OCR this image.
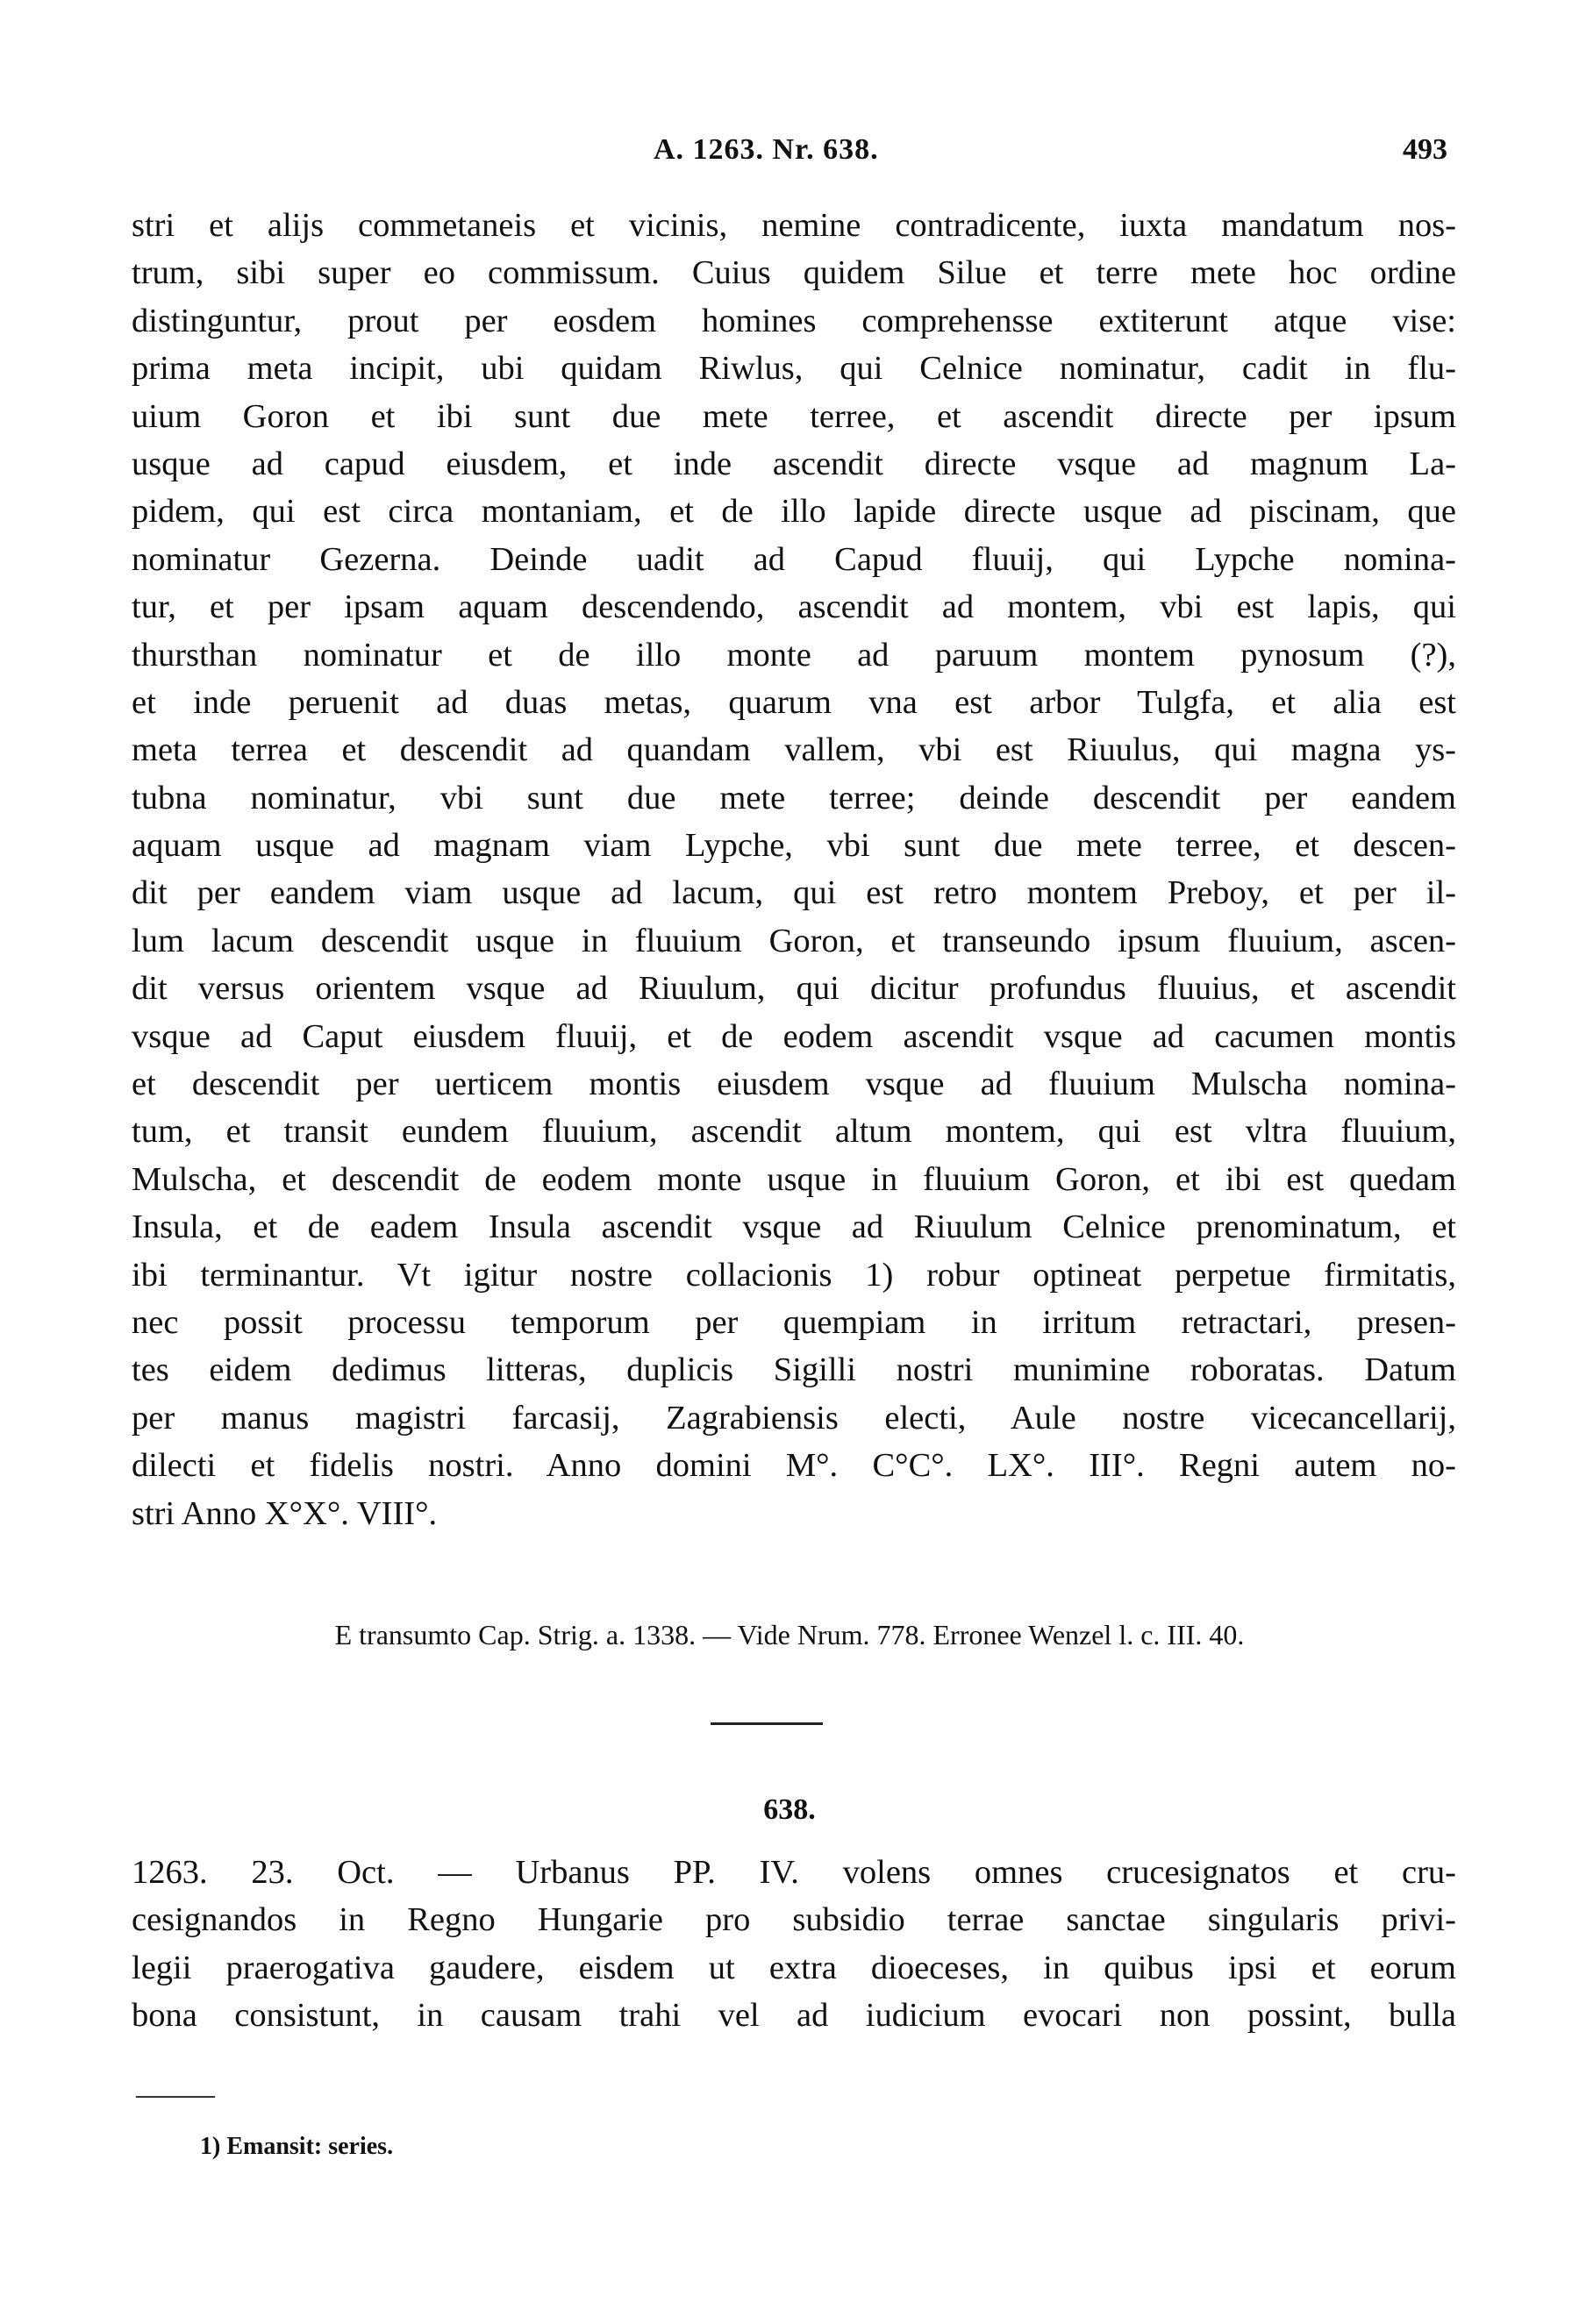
A. 1263. Nr. 638.	493
stri et alijs commetaneis et vicinis, nemine contradicente, iuxta mandatum nos-
trum, sibi super eo commissum. Cuius quidem Silue et terre mete hoc ordine
distinguntur, prout per eosdem homines comprehensse extiterunt atque vise:
prima meta incipit, ubi quidam Riwlus, qui Celnice nominatur, cadit in flu-
uium Goron et ibi sunt due mete terree, et ascendit directe per ipsum
usque ad capud eiusdem, et inde ascendit directe vsque ad magnum La-
pidem, qui est circa montaniam, et de illo lapide directe usque ad piscinam, que
nominatur Gezerna. Deinde uadit ad Capud fluuij, qui Lypche nomina-
tur, et per ipsam aquam descendendo, ascendit ad montem, vbi est lapis, qui
thursthan nominatur et de illo monte ad paruum montem pynosum (?),
et inde peruenit ad duas metas, quarum vna est arbor Tulgfa, et alia est
meta terrea et descendit ad quandam vallem, vbi est Riuulus, qui magna ys-
tubna nominatur, vbi sunt due mete terree; deinde descendit per eandem
aquam usque ad magnam viam Lypche, vbi sunt due mete terree, et descen-
dit per eandem viam usque ad lacum, qui est retro montem Preboy, et per il-
lum lacum descendit usque in fluuium Goron, et transeundo ipsum fluuium, ascen-
dit versus orientem vsque ad Riuulum, qui dicitur profundus fluuius, et ascendit
vsque ad Caput eiusdem fluuij, et de eodem ascendit vsque ad cacumen montis
et descendit per uerticem montis eiusdem vsque ad fluuium Mulscha nomina-
tum, et transit eundem fluuium, ascendit altum montem, qui est vltra fluuium,
Mulscha, et descendit de eodem monte usque in fluuium Goron, et ibi est quedam
Insula, et de eadem Insula ascendit vsque ad Riuulum Celnice prenominatum, et
ibi terminantur. Vt igitur nostre collacionis 1) robur optineat perpetue firmitatis,
nec possit processu temporum per quempiam in irritum retractari, presen-
tes eidem dedimus litteras, duplicis Sigilli nostri munimine roboratas. Datum
per manus magistri farcasij, Zagrabiensis electi, Aule nostre vicecancellarij,
dilecti et fidelis nostri. Anno domini M°. C°C°. LX°. III°. Regni autem no-
stri Anno X°X°. VIII°.
E transumto Cap. Strig. a. 1338. — Vide Nrum. 778. Erronee Wenzel l. c. III. 40.
638.
1263. 23. Oct. — Urbanus PP. IV. volens omnes crucesignatos et cru-
cesignandos in Regno Hungarie pro subsidio terrae sanctae singularis privi-
legii praerogativa gaudere, eisdem ut extra dioeceses, in quibus ipsi et eorum
bona consistunt, in causam trahi vel ad iudicium evocari non possint, bulla
1) Emansit: series.
